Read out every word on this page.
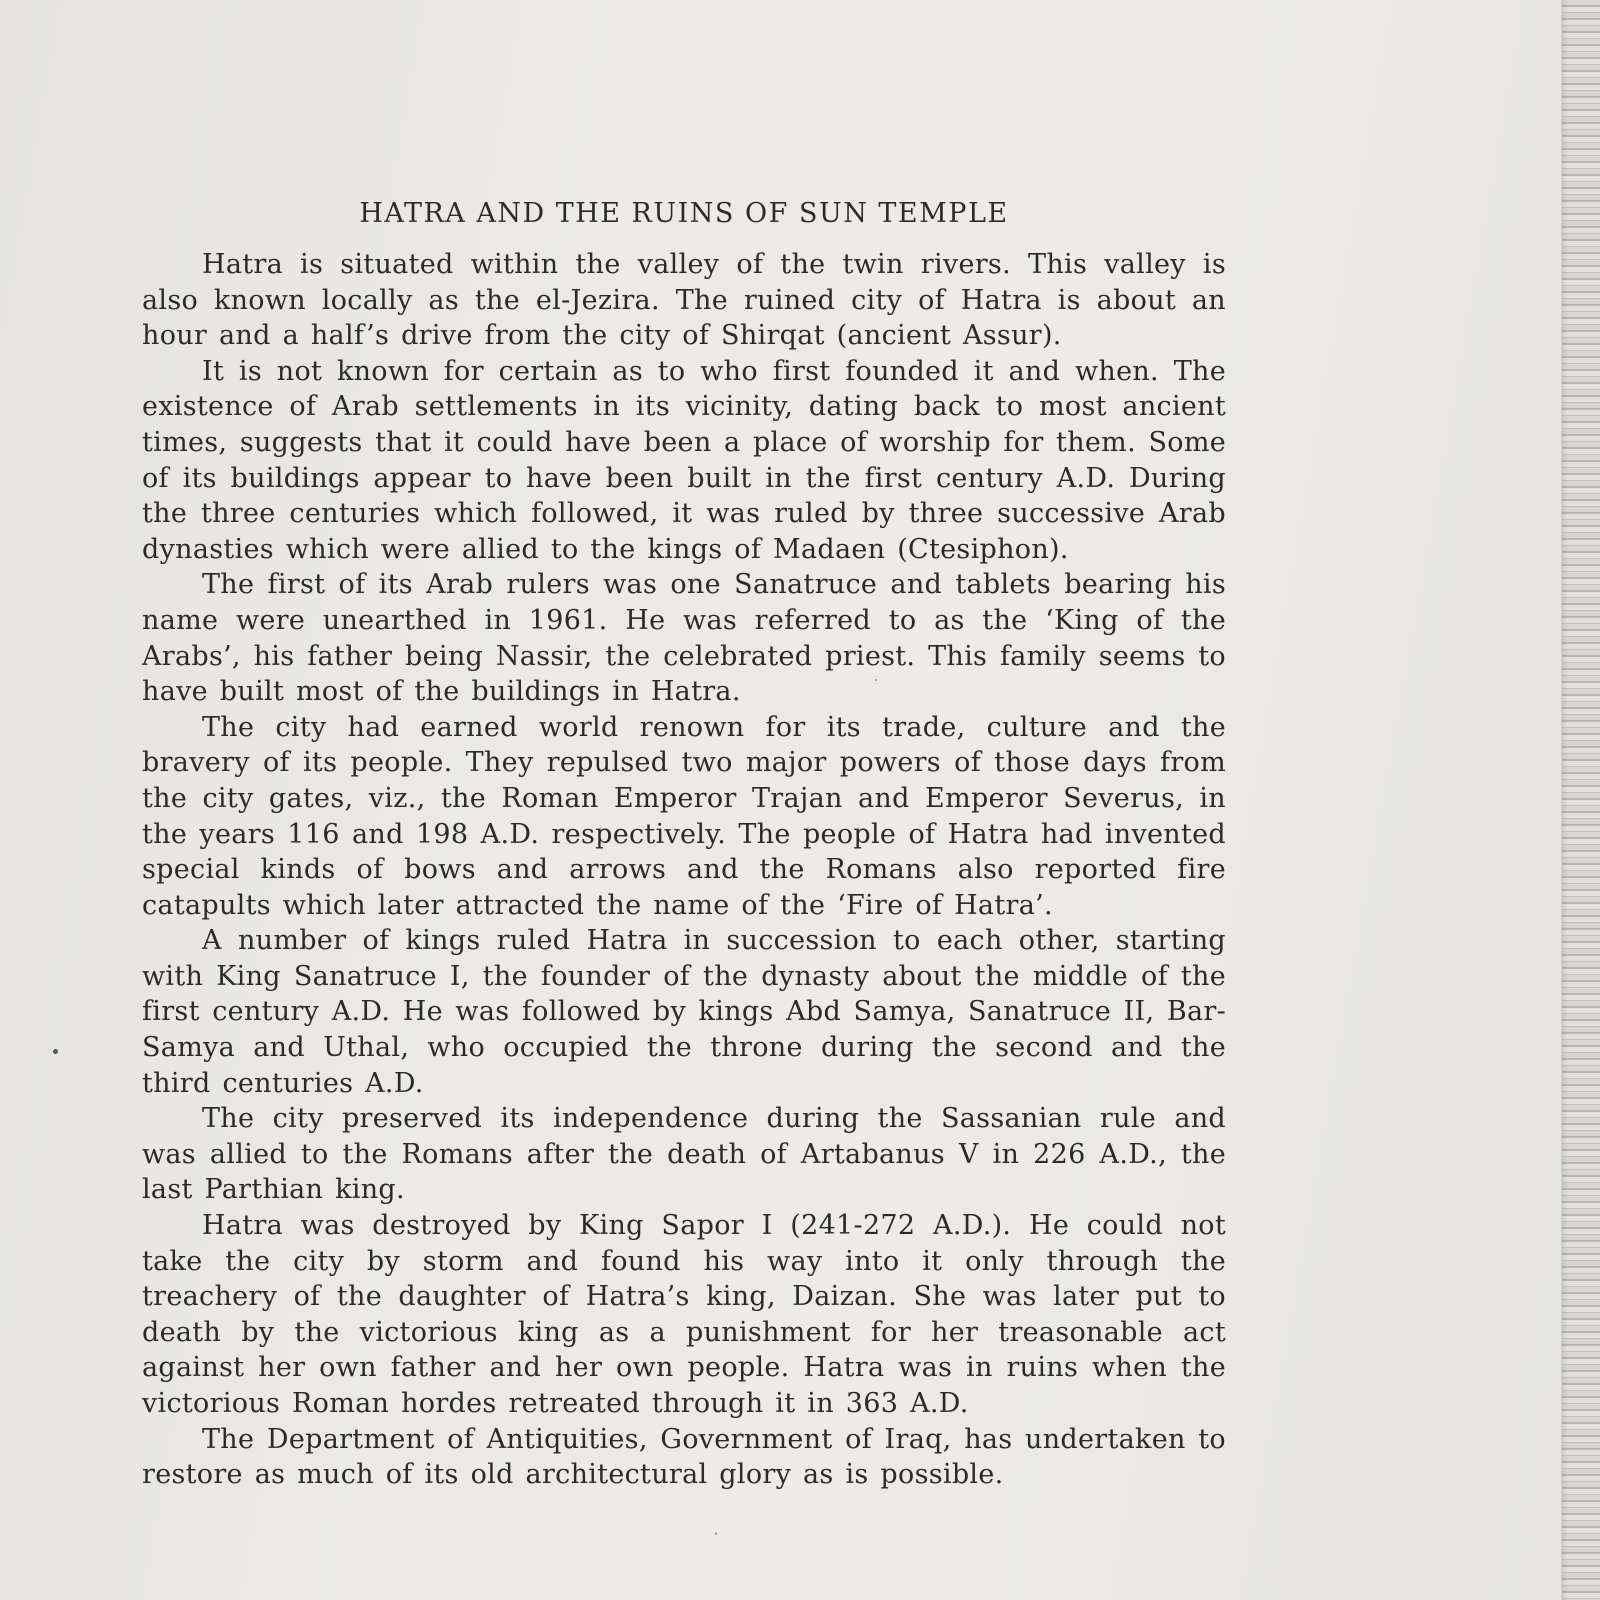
HATRA AND THE RUINS OF SUN TEMPLE

Hatra is situated within the valley of the twin rivers. This valley is also known locally as the el-Jezira. The ruined city of Hatra is about an hour and a half’s drive from the city of Shirqat (ancient Assur).

It is not known for certain as to who first founded it and when. The existence of Arab settlements in its vicinity, dating back to most ancient times, suggests that it could have been a place of worship for them. Some of its buildings appear to have been built in the first century A.D. During the three centuries which followed, it was ruled by three successive Arab dynasties which were allied to the kings of Madaen (Ctesiphon).

The first of its Arab rulers was one Sanatruce and tablets bearing his name were unearthed in 1961. He was referred to as the ‘King of the Arabs’, his father being Nassir, the celebrated priest. This family seems to have built most of the buildings in Hatra.

The city had earned world renown for its trade, culture and the bravery of its people. They repulsed two major powers of those days from the city gates, viz., the Roman Emperor Trajan and Emperor Severus, in the years 116 and 198 A.D. respectively. The people of Hatra had invented special kinds of bows and arrows and the Romans also reported fire catapults which later attracted the name of the ‘Fire of Hatra’.

A number of kings ruled Hatra in succession to each other, starting with King Sanatruce I, the founder of the dynasty about the middle of the first century A.D. He was followed by kings Abd Samya, Sanatruce II, Bar-Samya and Uthal, who occupied the throne during the second and the third centuries A.D.

The city preserved its independence during the Sassanian rule and was allied to the Romans after the death of Artabanus V in 226 A.D., the last Parthian king.

Hatra was destroyed by King Sapor I (241-272 A.D.). He could not take the city by storm and found his way into it only through the treachery of the daughter of Hatra’s king, Daizan. She was later put to death by the victorious king as a punishment for her treasonable act against her own father and her own people. Hatra was in ruins when the victorious Roman hordes retreated through it in 363 A.D.

The Department of Antiquities, Government of Iraq, has undertaken to restore as much of its old architectural glory as is possible.
